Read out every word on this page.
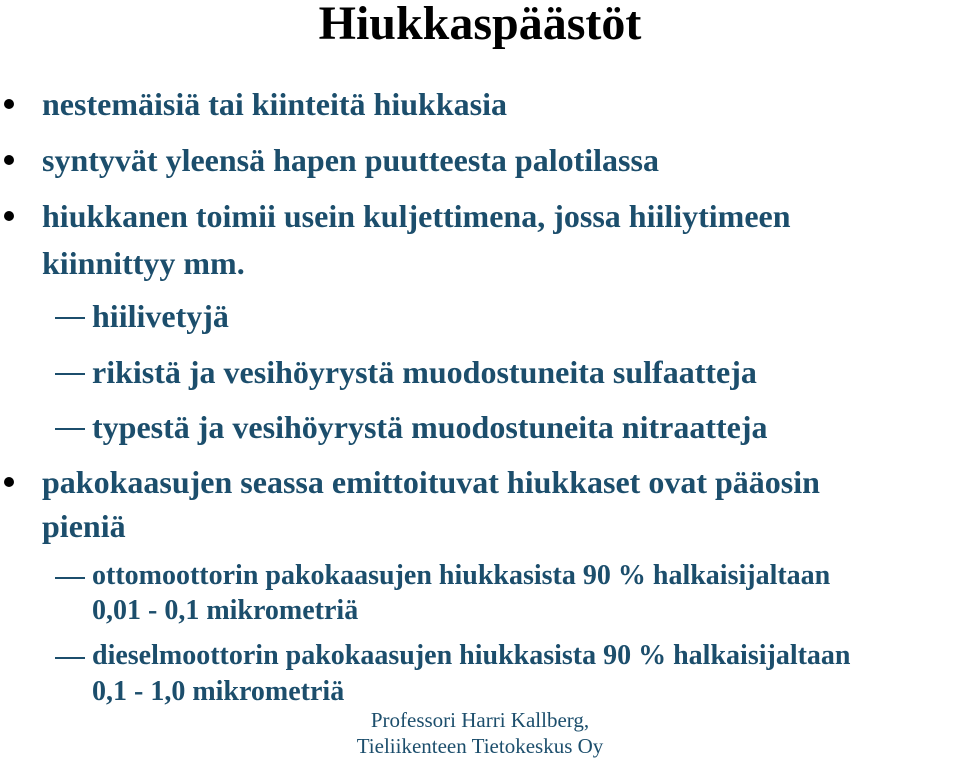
Hiukkaspäästöt
nestemäisiä tai kiinteitä hiukkasia
syntyvät yleensä hapen puutteesta palotilassa
hiukkanen toimii usein kuljettimena, jossa hiiliytimeen
kiinnittyy mm.
hiilivetyjä
rikistä ja vesihöyrystä muodostuneita sulfaatteja
typestä ja vesihöyrystä muodostuneita nitraatteja
pakokaasujen seassa emittoituvat hiukkaset ovat pääosin
pieniä
ottomoottorin pakokaasujen hiukkasista 90 % halkaisijaltaan
0,01 - 0,1 mikrometriä
dieselmoottorin pakokaasujen hiukkasista 90 % halkaisijaltaan
0,1 - 1,0 mikrometriä
Professori Harri Kallberg,
Tieliikenteen Tietokeskus Oy
